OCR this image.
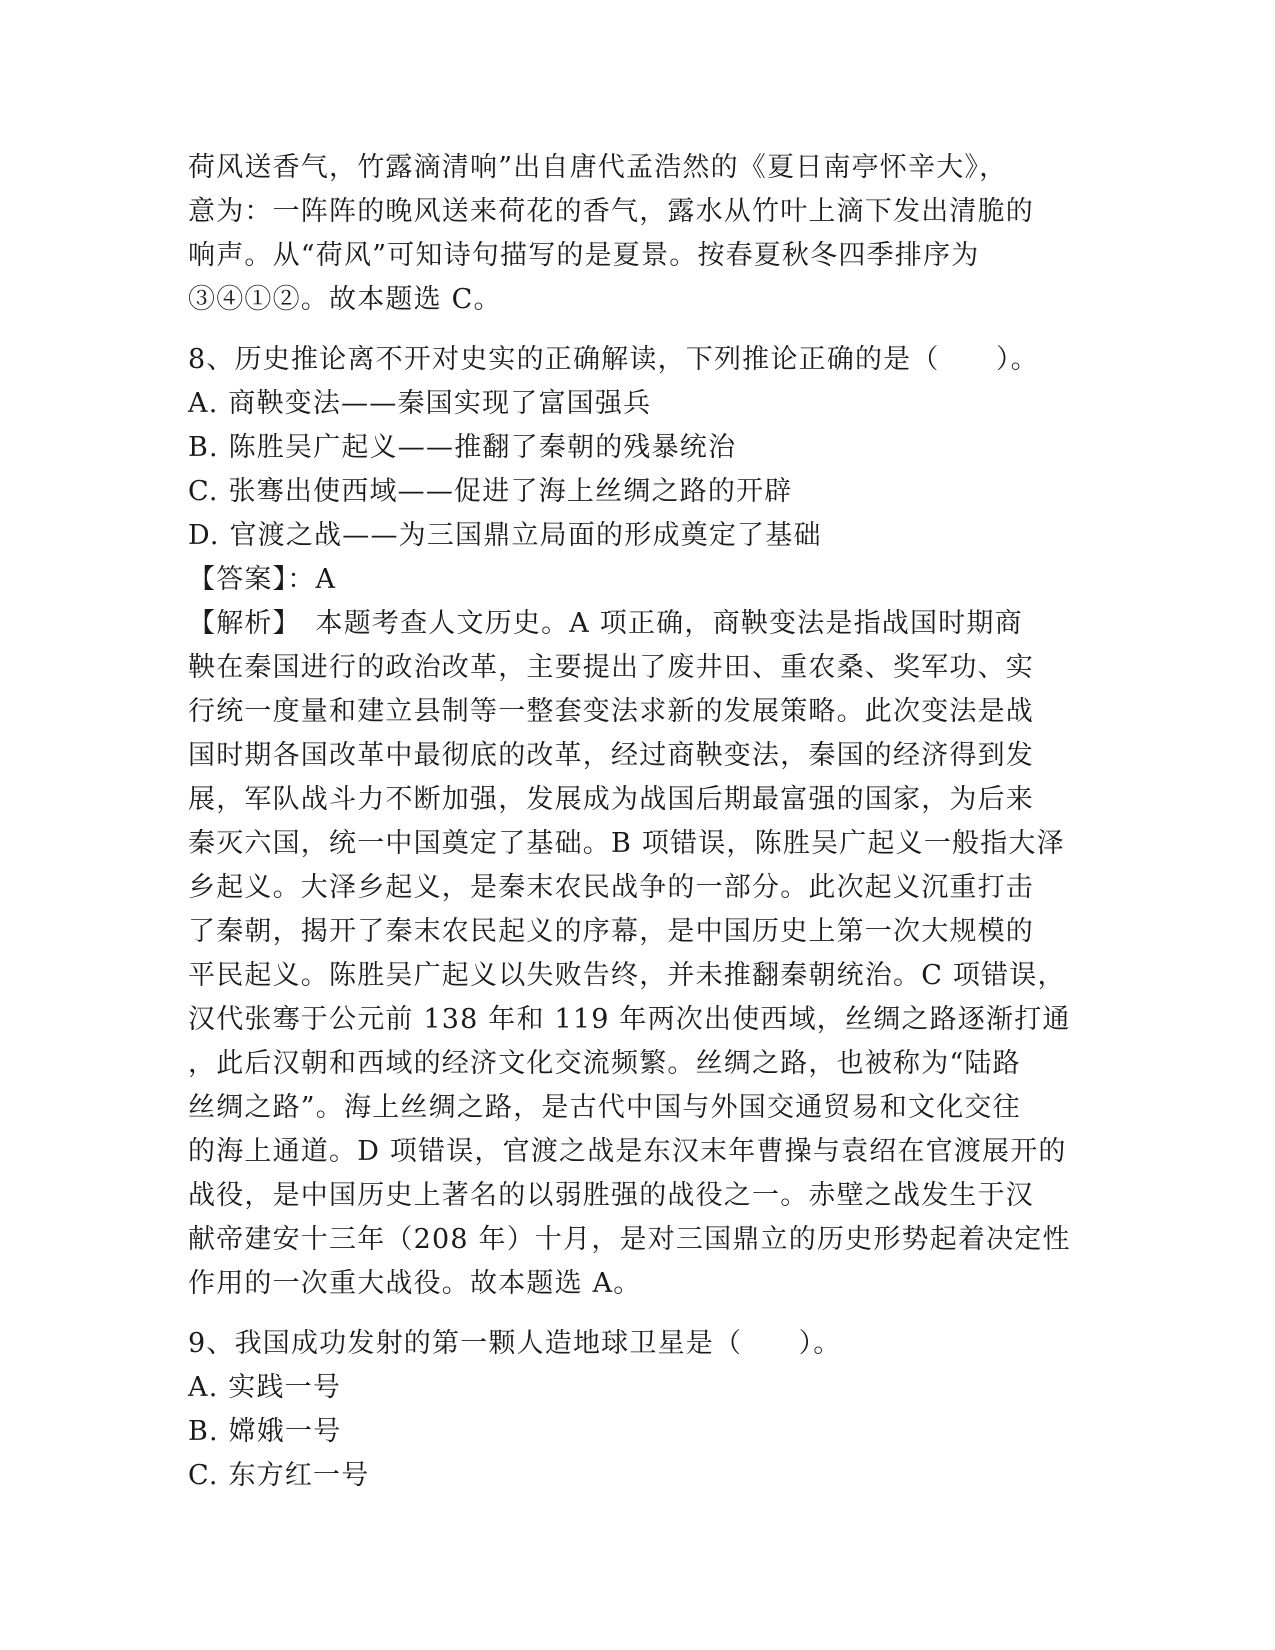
荷风送香气，竹露滴清响”出自唐代孟浩然的《夏日南亭怀辛大》，
意为：一阵阵的晚风送来荷花的香气，露水从竹叶上滴下发出清脆的
响声。从“荷风”可知诗句描写的是夏景。按春夏秋冬四季排序为
③④①②。故本题选 C。
8、历史推论离不开对史实的正确解读，下列推论正确的是（　　）。
A. 商鞅变法——秦国实现了富国强兵
B. 陈胜吴广起义——推翻了秦朝的残暴统治
C. 张骞出使西域——促进了海上丝绸之路的开辟
D. 官渡之战——为三国鼎立局面的形成奠定了基础
【答案】：A
【解析】　本题考查人文历史。A 项正确，商鞅变法是指战国时期商
鞅在秦国进行的政治改革，主要提出了废井田、重农桑、奖军功、实
行统一度量和建立县制等一整套变法求新的发展策略。此次变法是战
国时期各国改革中最彻底的改革，经过商鞅变法，秦国的经济得到发
展，军队战斗力不断加强，发展成为战国后期最富强的国家，为后来
秦灭六国，统一中国奠定了基础。B 项错误，陈胜吴广起义一般指大泽
乡起义。大泽乡起义，是秦末农民战争的一部分。此次起义沉重打击
了秦朝，揭开了秦末农民起义的序幕，是中国历史上第一次大规模的
平民起义。陈胜吴广起义以失败告终，并未推翻秦朝统治。C 项错误，
汉代张骞于公元前 138 年和 119 年两次出使西域，丝绸之路逐渐打通
，此后汉朝和西域的经济文化交流频繁。丝绸之路，也被称为“陆路
丝绸之路”。海上丝绸之路，是古代中国与外国交通贸易和文化交往
的海上通道。D 项错误，官渡之战是东汉末年曹操与袁绍在官渡展开的
战役，是中国历史上著名的以弱胜强的战役之一。赤壁之战发生于汉
献帝建安十三年（208 年）十月，是对三国鼎立的历史形势起着决定性
作用的一次重大战役。故本题选 A。
9、我国成功发射的第一颗人造地球卫星是（　　）。
A. 实践一号
B. 嫦娥一号
C. 东方红一号
